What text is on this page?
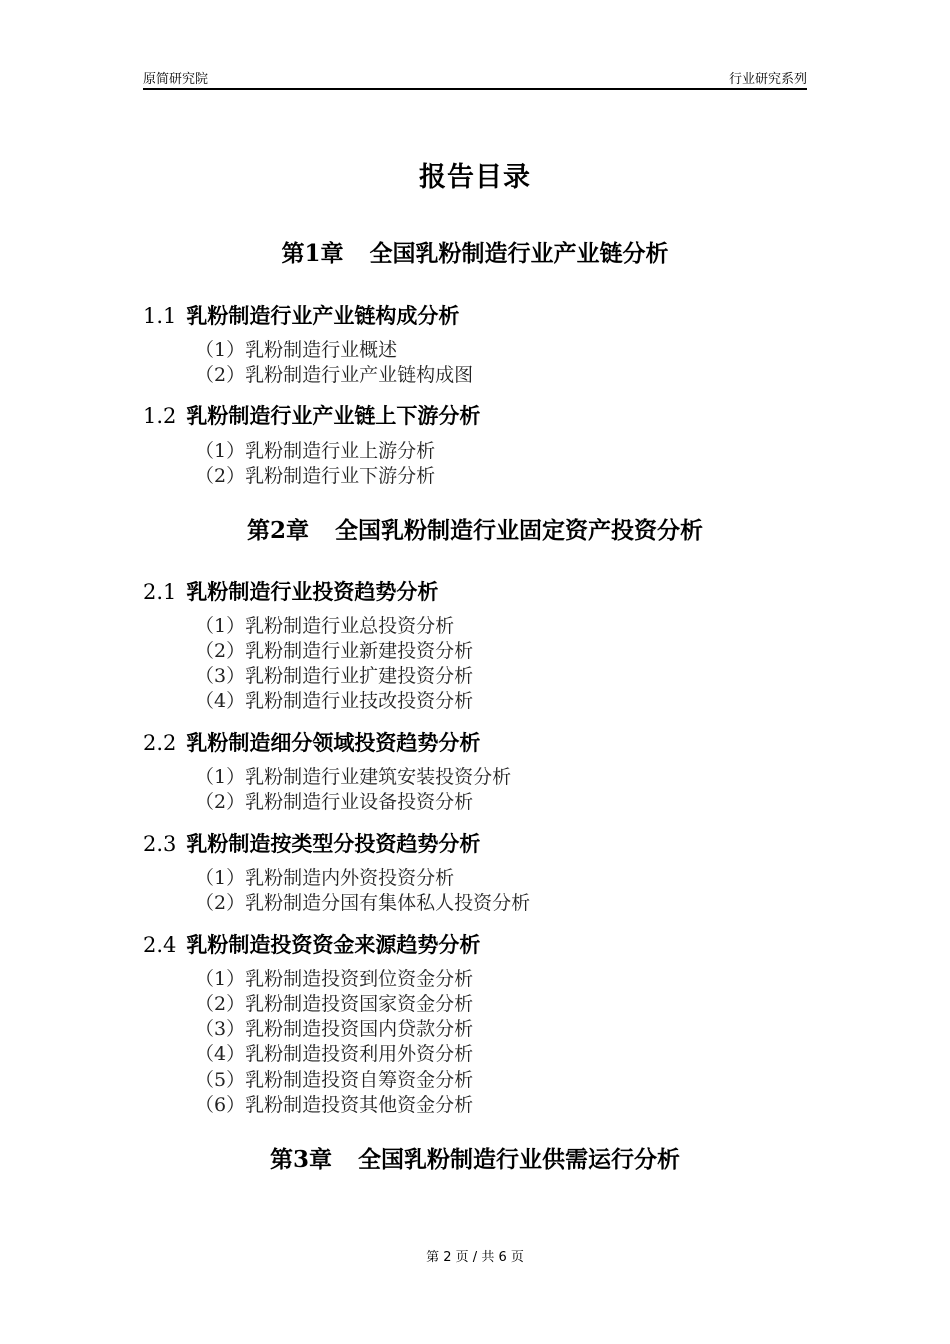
原简研究院	行业研究系列
报告目录
第1章 全国乳粉制造行业产业链分析
1.1 乳粉制造行业产业链构成分析
（1）乳粉制造行业概述
（2）乳粉制造行业产业链构成图
1.2 乳粉制造行业产业链上下游分析
（1）乳粉制造行业上游分析
（2）乳粉制造行业下游分析
第2章 全国乳粉制造行业固定资产投资分析
2.1 乳粉制造行业投资趋势分析
（1）乳粉制造行业总投资分析
（2）乳粉制造行业新建投资分析
（3）乳粉制造行业扩建投资分析
（4）乳粉制造行业技改投资分析
2.2 乳粉制造细分领域投资趋势分析
（1）乳粉制造行业建筑安装投资分析
（2）乳粉制造行业设备投资分析
2.3 乳粉制造按类型分投资趋势分析
（1）乳粉制造内外资投资分析
（2）乳粉制造分国有集体私人投资分析
2.4 乳粉制造投资资金来源趋势分析
（1）乳粉制造投资到位资金分析
（2）乳粉制造投资国家资金分析
（3）乳粉制造投资国内贷款分析
（4）乳粉制造投资利用外资分析
（5）乳粉制造投资自筹资金分析
（6）乳粉制造投资其他资金分析
第3章 全国乳粉制造行业供需运行分析
第 2 页 / 共 6 页
